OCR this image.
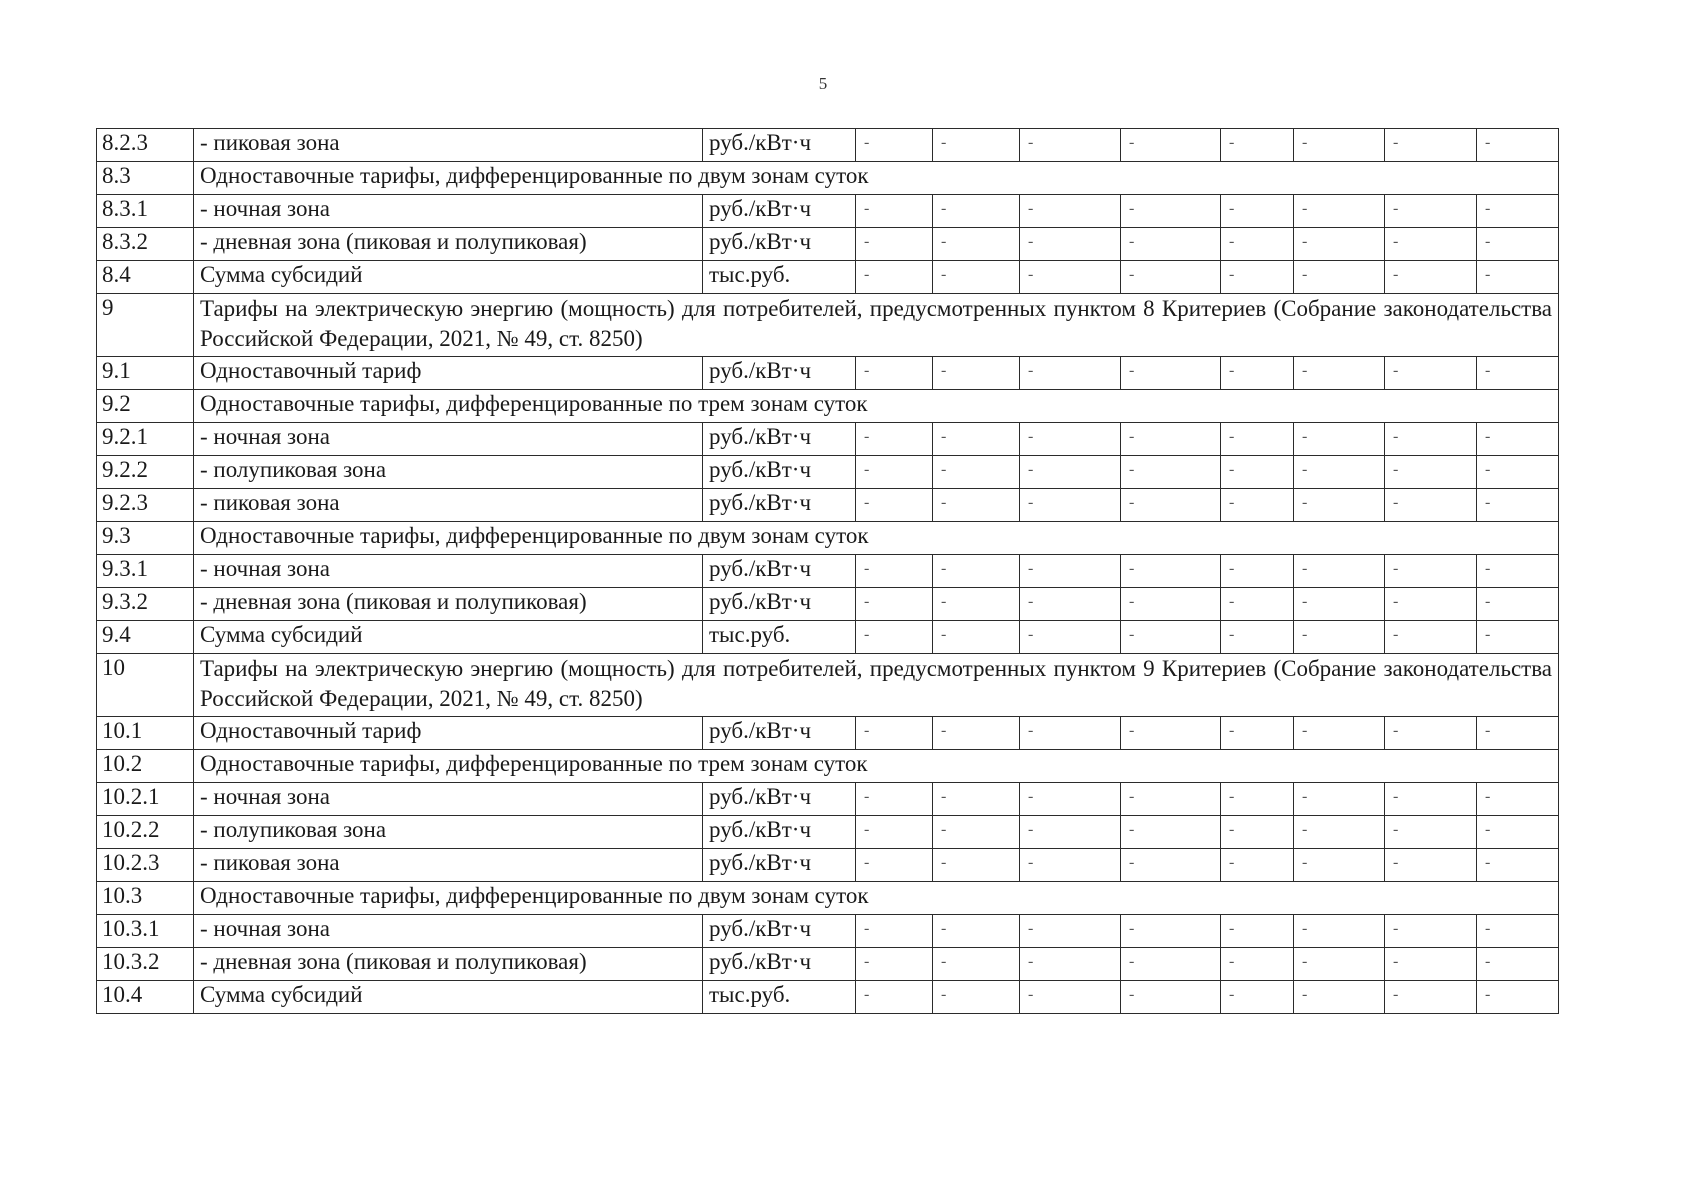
5
8.2.3	- пиковая зона	руб./кВт·ч	-	-	-	-	-	-	-	-
8.3	Одноставочные тарифы, дифференцированные по двум зонам суток									
8.3.1	- ночная зона	руб./кВт·ч	-	-	-	-	-	-	-	-
8.3.2	- дневная зона (пиковая и полупиковая)	руб./кВт·ч	-	-	-	-	-	-	-	-
8.4	Сумма субсидий	тыс.руб.	-	-	-	-	-	-	-	-
9	Тарифы на электрическую энергию (мощность) для потребителей, предусмотренных пунктом 8 Критериев (Собрание законодательства Российской Федерации, 2021, № 49, ст. 8250)									
9.1	Одноставочный тариф	руб./кВт·ч	-	-	-	-	-	-	-	-
9.2	Одноставочные тарифы, дифференцированные по трем зонам суток									
9.2.1	- ночная зона	руб./кВт·ч	-	-	-	-	-	-	-	-
9.2.2	- полупиковая зона	руб./кВт·ч	-	-	-	-	-	-	-	-
9.2.3	- пиковая зона	руб./кВт·ч	-	-	-	-	-	-	-	-
9.3	Одноставочные тарифы, дифференцированные по двум зонам суток									
9.3.1	- ночная зона	руб./кВт·ч	-	-	-	-	-	-	-	-
9.3.2	- дневная зона (пиковая и полупиковая)	руб./кВт·ч	-	-	-	-	-	-	-	-
9.4	Сумма субсидий	тыс.руб.	-	-	-	-	-	-	-	-
10	Тарифы на электрическую энергию (мощность) для потребителей, предусмотренных пунктом 9 Критериев (Собрание законодательства Российской Федерации, 2021, № 49, ст. 8250)									
10.1	Одноставочный тариф	руб./кВт·ч	-	-	-	-	-	-	-	-
10.2	Одноставочные тарифы, дифференцированные по трем зонам суток									
10.2.1	- ночная зона	руб./кВт·ч	-	-	-	-	-	-	-	-
10.2.2	- полупиковая зона	руб./кВт·ч	-	-	-	-	-	-	-	-
10.2.3	- пиковая зона	руб./кВт·ч	-	-	-	-	-	-	-	-
10.3	Одноставочные тарифы, дифференцированные по двум зонам суток									
10.3.1	- ночная зона	руб./кВт·ч	-	-	-	-	-	-	-	-
10.3.2	- дневная зона (пиковая и полупиковая)	руб./кВт·ч	-	-	-	-	-	-	-	-
10.4	Сумма субсидий	тыс.руб.	-	-	-	-	-	-	-	-
